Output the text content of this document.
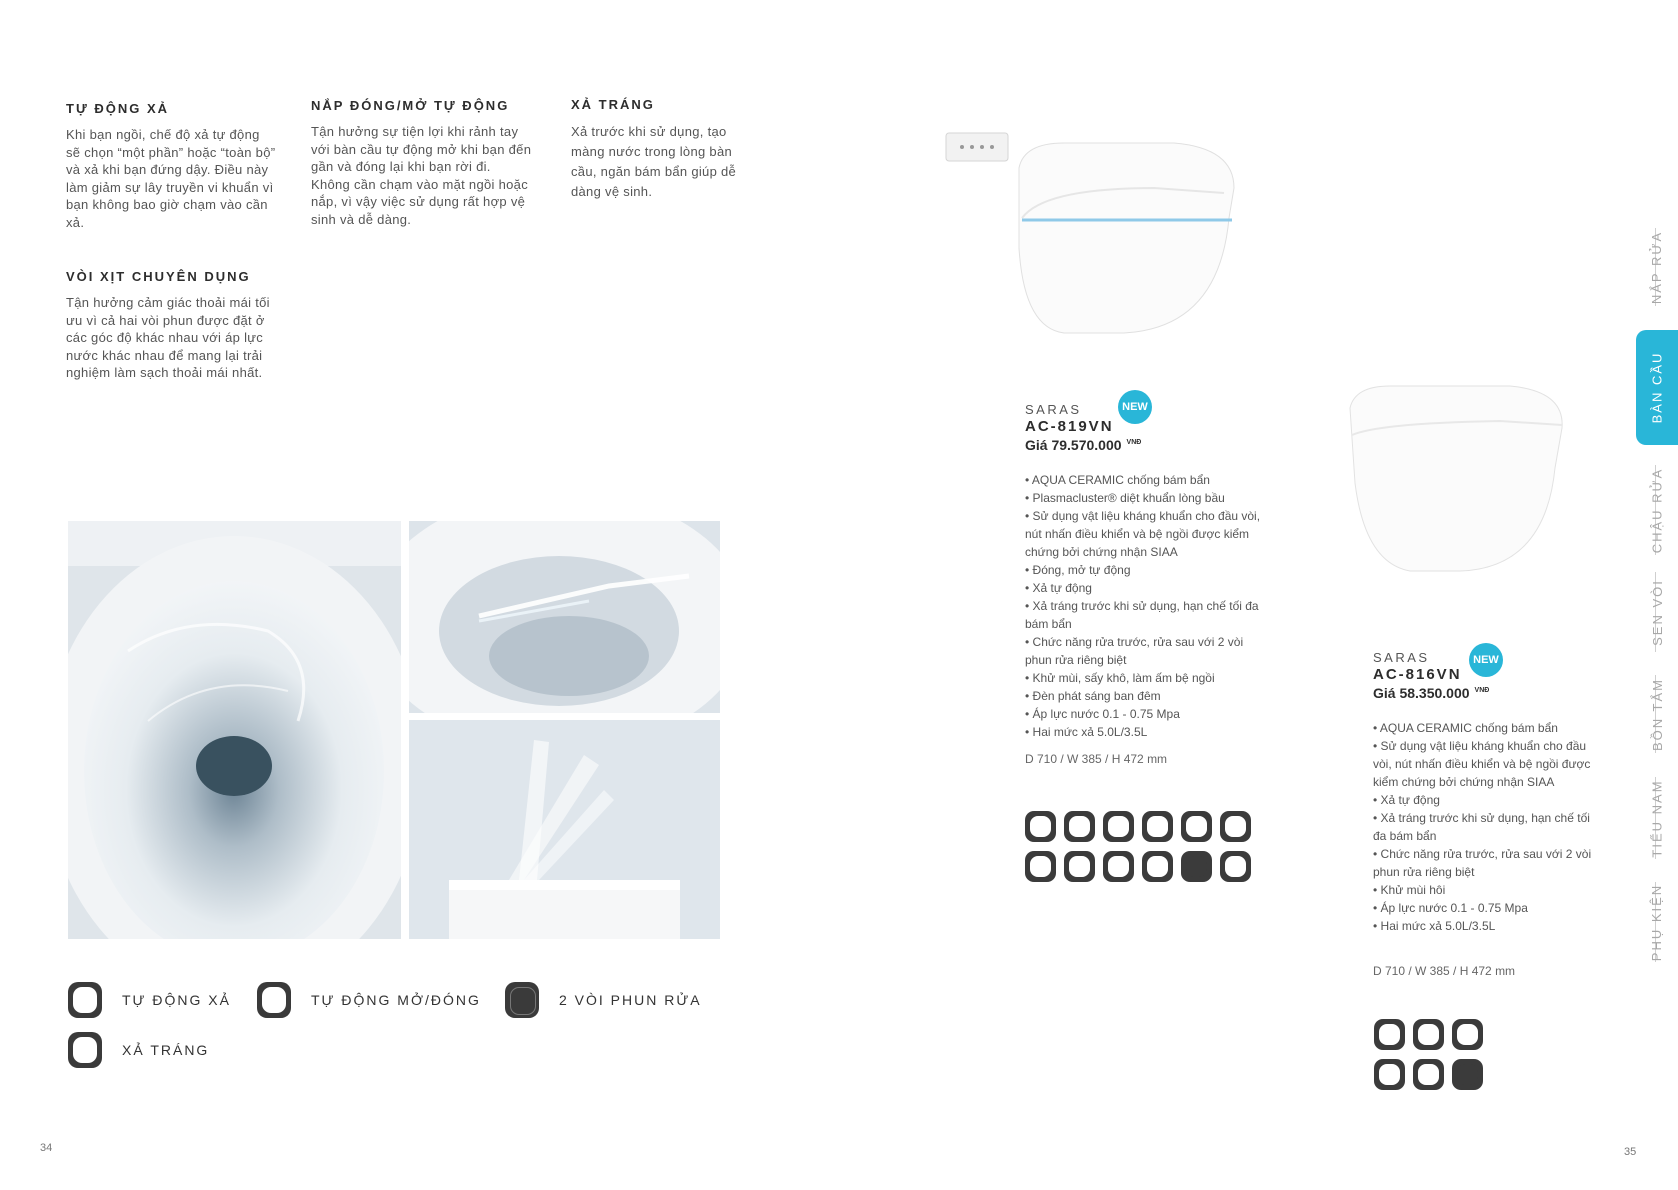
TỰ ĐỘNG XẢ

Khi bạn ngồi, chế độ xả tự động sẽ chọn “một phần” hoặc “toàn bộ” và xả khi bạn đứng dậy. Điều này làm giảm sự lây truyền vi khuẩn vì bạn không bao giờ chạm vào cần xả.

NẮP ĐÓNG/MỞ TỰ ĐỘNG

Tận hưởng sự tiện lợi khi rảnh tay với bàn cầu tự động mở khi bạn đến gần và đóng lại khi bạn rời đi. Không cần chạm vào mặt ngồi hoặc nắp, vì vậy việc sử dụng rất hợp vệ sinh và dễ dàng.

XẢ TRÁNG

Xả trước khi sử dụng, tạo màng nước trong lòng bàn cầu, ngăn bám bẩn giúp dễ dàng vệ sinh.

VÒI XỊT CHUYÊN DỤNG

Tận hưởng cảm giác thoải mái tối ưu vì cả hai vòi phun được đặt ở các góc độ khác nhau với áp lực nước khác nhau để mang lại trải nghiệm làm sạch thoải mái nhất.

TỰ ĐỘNG XẢ	TỰ ĐỘNG MỞ/ĐÓNG	2 VÒI PHUN RỬA
XẢ TRÁNG
SARAS
AC-819VN
Giá 79.570.000 $^{VNĐ}$
NEW
• AQUA CERAMIC chống bám bẩn
• Plasmacluster® diệt khuẩn lòng bầu
• Sử dụng vật liệu kháng khuẩn cho đầu vòi, nút nhấn điều khiển và bệ ngồi được kiểm chứng bởi chứng nhận SIAA
• Đóng, mở tự động
• Xả tự động
• Xả tráng trước khi sử dụng, hạn chế tối đa bám bẩn
• Chức năng rửa trước, rửa sau với 2 vòi phun rửa riêng biệt
• Khử mùi, sấy khô, làm ấm bệ ngồi
• Đèn phát sáng ban đêm
• Áp lực nước 0.1 - 0.75 Mpa
• Hai mức xả 5.0L/3.5L
D 710 / W 385 / H 472 mm
SARAS
AC-816VN
Giá 58.350.000 $^{VNĐ}$
NEW
• AQUA CERAMIC chống bám bẩn
• Sử dụng vật liệu kháng khuẩn cho đầu vòi, nút nhấn điều khiển và bệ ngồi được kiểm chứng bởi chứng nhận SIAA
• Xả tự động
• Xả tráng trước khi sử dụng, hạn chế tối đa bám bẩn
• Chức năng rửa trước, rửa sau với 2 vòi phun rửa riêng biệt
• Khử mùi hôi
• Áp lực nước 0.1 - 0.75 Mpa
• Hai mức xả 5.0L/3.5L
D 710 / W 385 / H 472 mm
NẮP RỬA
BÀN CẦU
CHẬU RỬA
SEN VÒI
BỒN TẮM
TIỂU NAM
PHỤ KIỆN
34	35
